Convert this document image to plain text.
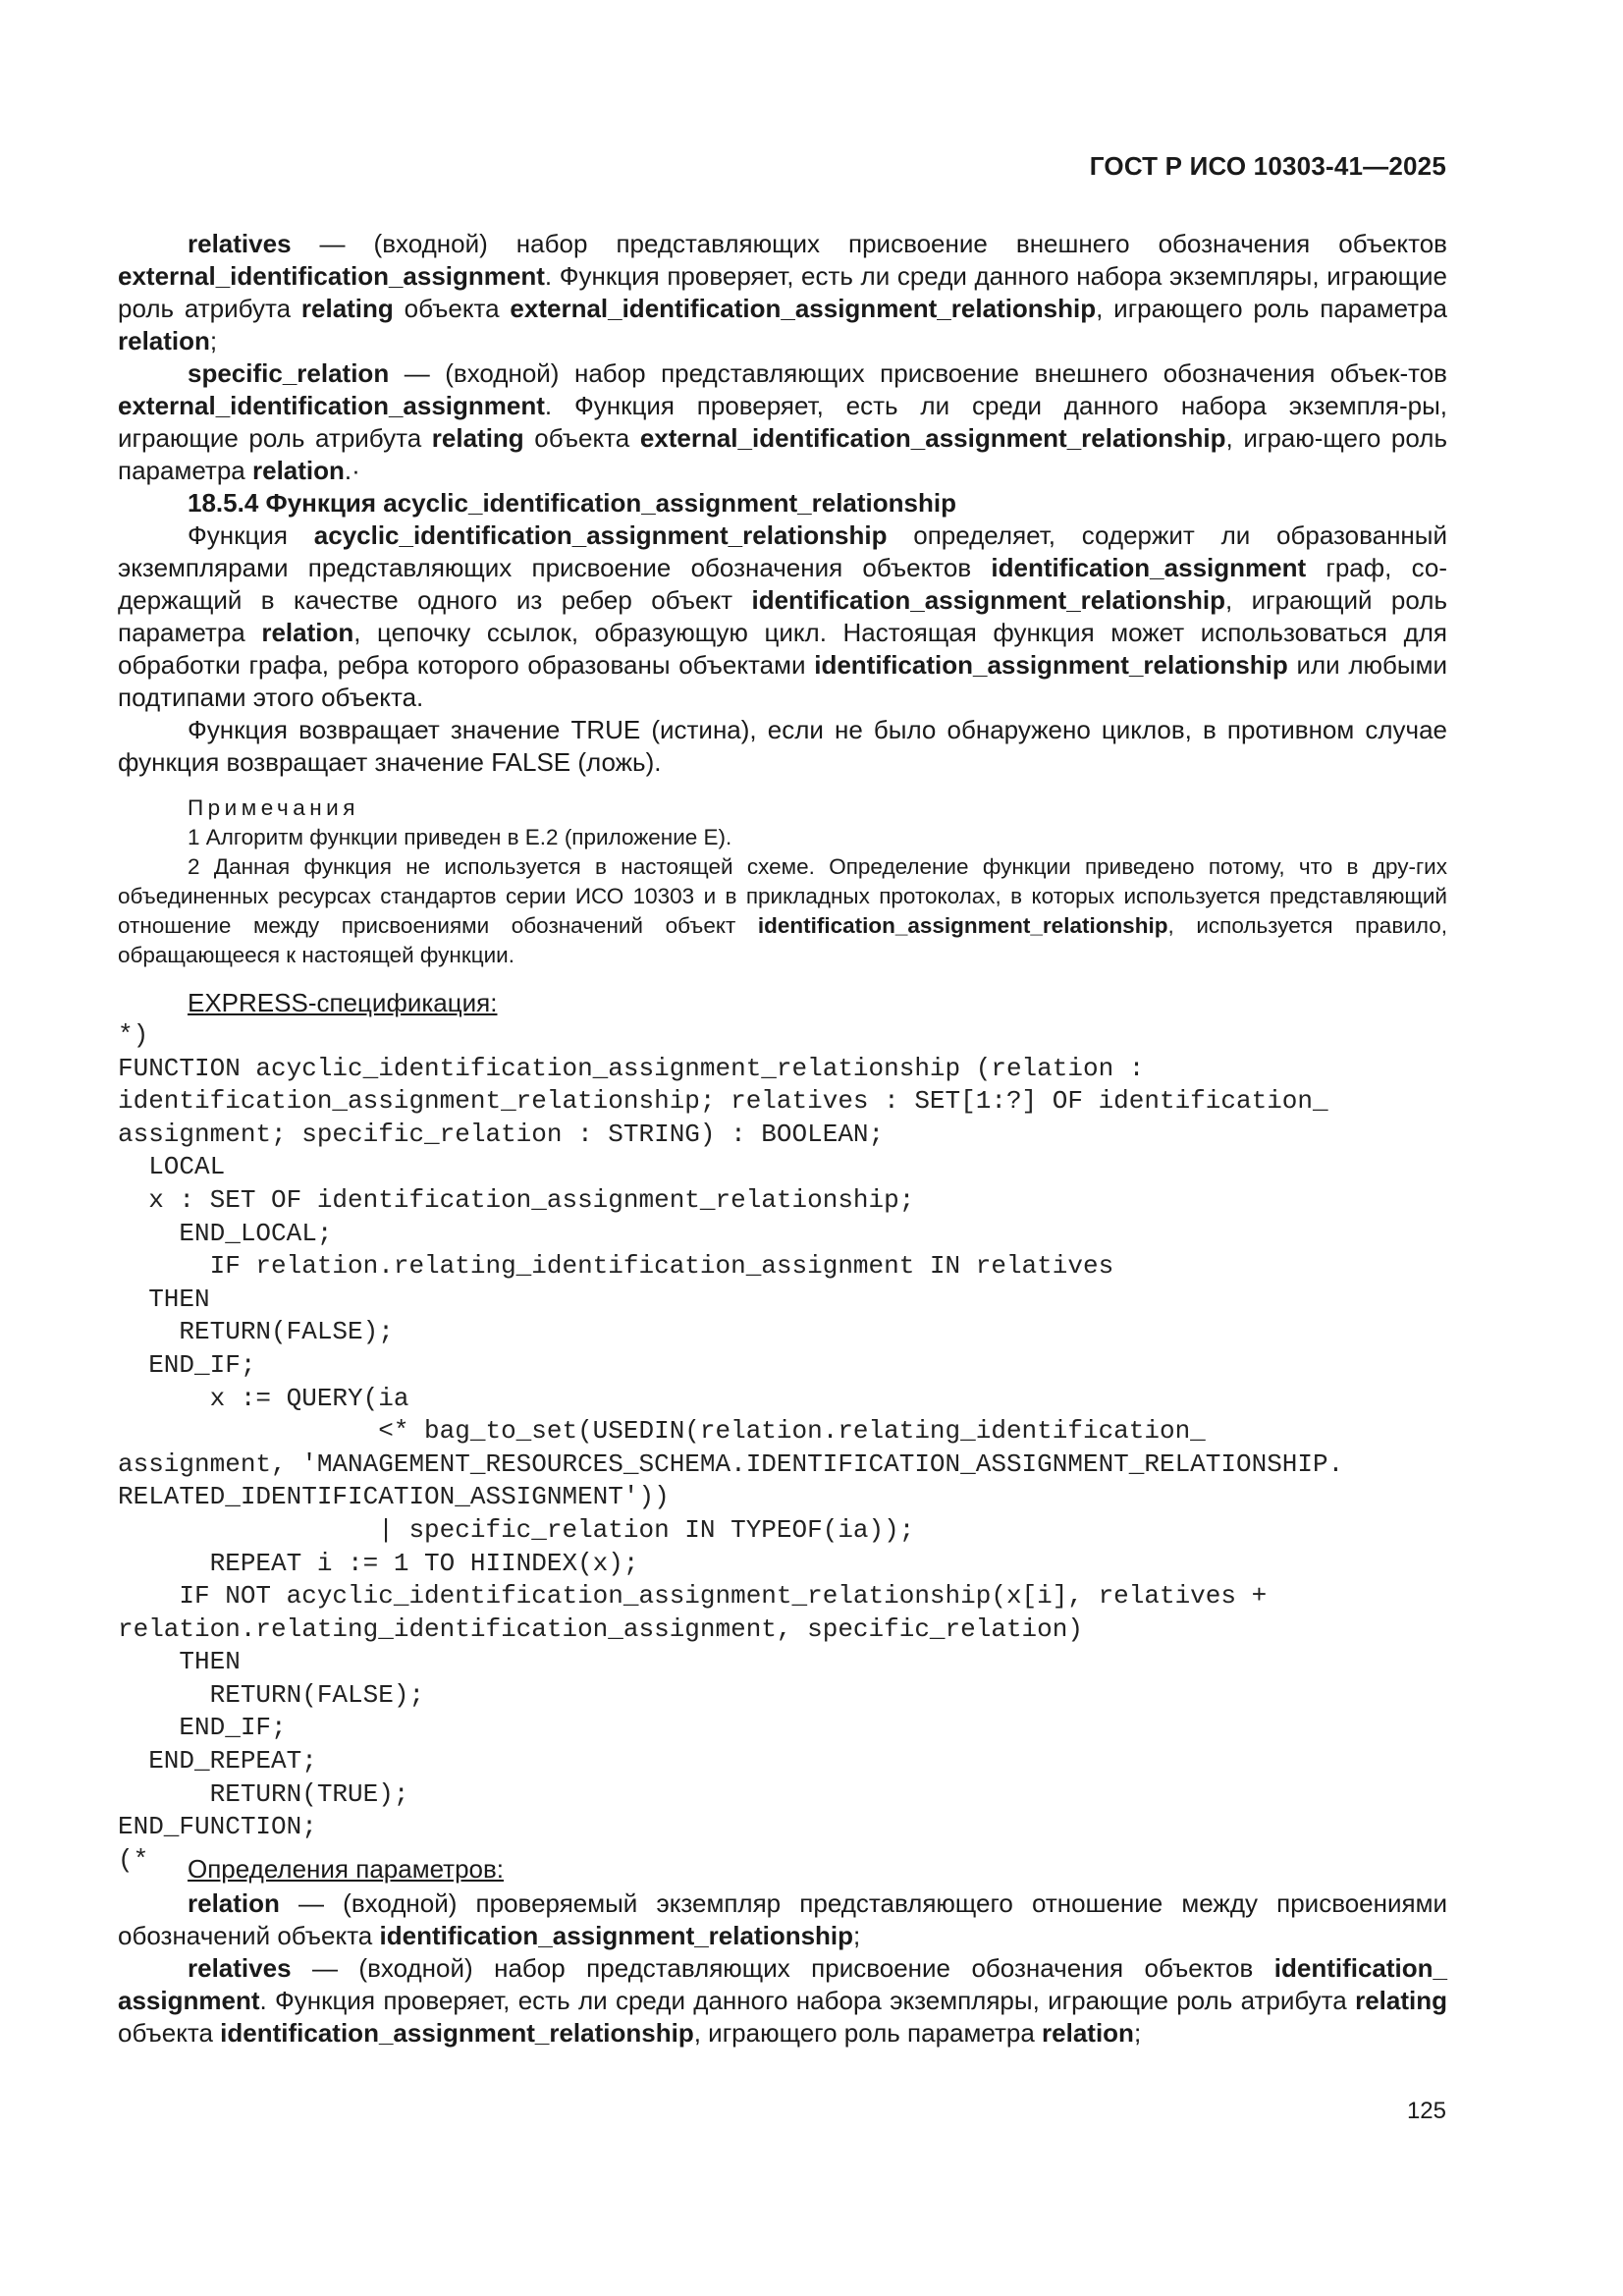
ГОСТ Р ИСО 10303-41—2025

relatives — (входной) набор представляющих присвоение внешнего обозначения объектов external_identification_assignment. Функция проверяет, есть ли среди данного набора экземпляры, играющие роль атрибута relating объекта external_identification_assignment_relationship, играющего роль параметра relation;

specific_relation — (входной) набор представляющих присвоение внешнего обозначения объек-тов external_identification_assignment. Функция проверяет, есть ли среди данного набора экземпля-ры, играющие роль атрибута relating объекта external_identification_assignment_relationship, играю-щего роль параметра relation.·

18.5.4 Функция acyclic_identification_assignment_relationship

Функция acyclic_identification_assignment_relationship определяет, содержит ли образованный экземплярами представляющих присвоение обозначения объектов identification_assignment граф, со-держащий в качестве одного из ребер объект identification_assignment_relationship, играющий роль параметра relation, цепочку ссылок, образующую цикл. Настоящая функция может использоваться для обработки графа, ребра которого образованы объектами identification_assignment_relationship или любыми подтипами этого объекта.

Функция возвращает значение TRUE (истина), если не было обнаружено циклов, в противном случае функция возвращает значение FALSE (ложь).

Примечания

1 Алгоритм функции приведен в Е.2 (приложение Е).

2 Данная функция не используется в настоящей схеме. Определение функции приведено потому, что в дру-гих объединенных ресурсах стандартов серии ИСО 10303 и в прикладных протоколах, в которых используется представляющий отношение между присвоениями обозначений объект identification_assignment_relationship, используется правило, обращающееся к настоящей функции.

EXPRESS-спецификация:
*)
FUNCTION acyclic_identification_assignment_relationship (relation :
identification_assignment_relationship; relatives : SET[1:?] OF identification_
assignment; specific_relation : STRING) : BOOLEAN;
LOCAL
x : SET OF identification_assignment_relationship;
END_LOCAL;
IF relation.relating_identification_assignment IN relatives
THEN
RETURN(FALSE);
END_IF;
x := QUERY(ia
<* bag_to_set(USEDIN(relation.relating_identification_
assignment, 'MANAGEMENT_RESOURCES_SCHEMA.IDENTIFICATION_ASSIGNMENT_RELATIONSHIP.
RELATED_IDENTIFICATION_ASSIGNMENT'))
| specific_relation IN TYPEOF(ia));
REPEAT i := 1 TO HIINDEX(x);
IF NOT acyclic_identification_assignment_relationship(x[i], relatives +
relation.relating_identification_assignment, specific_relation)
THEN
RETURN(FALSE);
END_IF;
END_REPEAT;
RETURN(TRUE);
END_FUNCTION;
(*	Определения параметров:

relation — (входной) проверяемый экземпляр представляющего отношение между присвоениями обозначений объекта identification_assignment_relationship;

relatives — (входной) набор представляющих присвоение обозначения объектов identification_ assignment. Функция проверяет, есть ли среди данного набора экземпляры, играющие роль атрибута relating объекта identification_assignment_relationship, играющего роль параметра relation;

125
